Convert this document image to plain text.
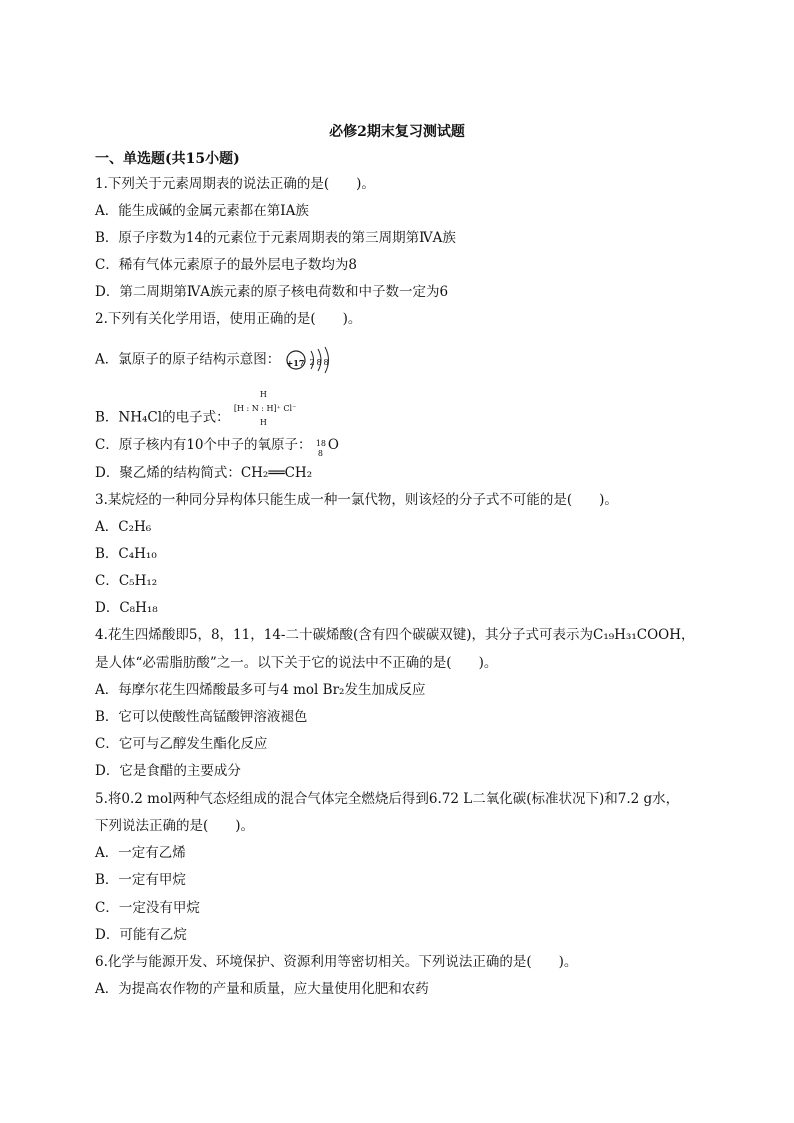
必修2期末复习测试题
一、单选题(共15小题)
1.下列关于元素周期表的说法正确的是(　　)。
A．能生成碱的金属元素都在第ⅠA族
B．原子序数为14的元素位于元素周期表的第三周期第ⅣA族
C．稀有气体元素原子的最外层电子数均为8
D．第二周期第ⅣA族元素的原子核电荷数和中子数一定为6
2.下列有关化学用语，使用正确的是(　　)。
A．氯原子的原子结构示意图： +17 2 8 8
B．NH₄Cl的电子式：
H
[H : N : H]⁺ Cl⁻
H
C．原子核内有10个中子的氧原子： 18
8 O
D．聚乙烯的结构简式：CH₂══CH₂
3.某烷烃的一种同分异构体只能生成一种一氯代物，则该烃的分子式不可能的是(　　)。
A．C₂H₆
B．C₄H₁₀
C．C₅H₁₂
D．C₈H₁₈
4.花生四烯酸即5，8，11，14-二十碳烯酸(含有四个碳碳双键)，其分子式可表示为C₁₉H₃₁COOH，
是人体“必需脂肪酸”之一。以下关于它的说法中不正确的是(　　)。
A．每摩尔花生四烯酸最多可与4 mol Br₂发生加成反应
B．它可以使酸性高锰酸钾溶液褪色
C．它可与乙醇发生酯化反应
D．它是食醋的主要成分
5.将0.2 mol两种气态烃组成的混合气体完全燃烧后得到6.72 L二氧化碳(标准状况下)和7.2 g水，
下列说法正确的是(　　)。
A．一定有乙烯
B．一定有甲烷
C．一定没有甲烷
D．可能有乙烷
6.化学与能源开发、环境保护、资源利用等密切相关。下列说法正确的是(　　)。
A．为提高农作物的产量和质量，应大量使用化肥和农药
